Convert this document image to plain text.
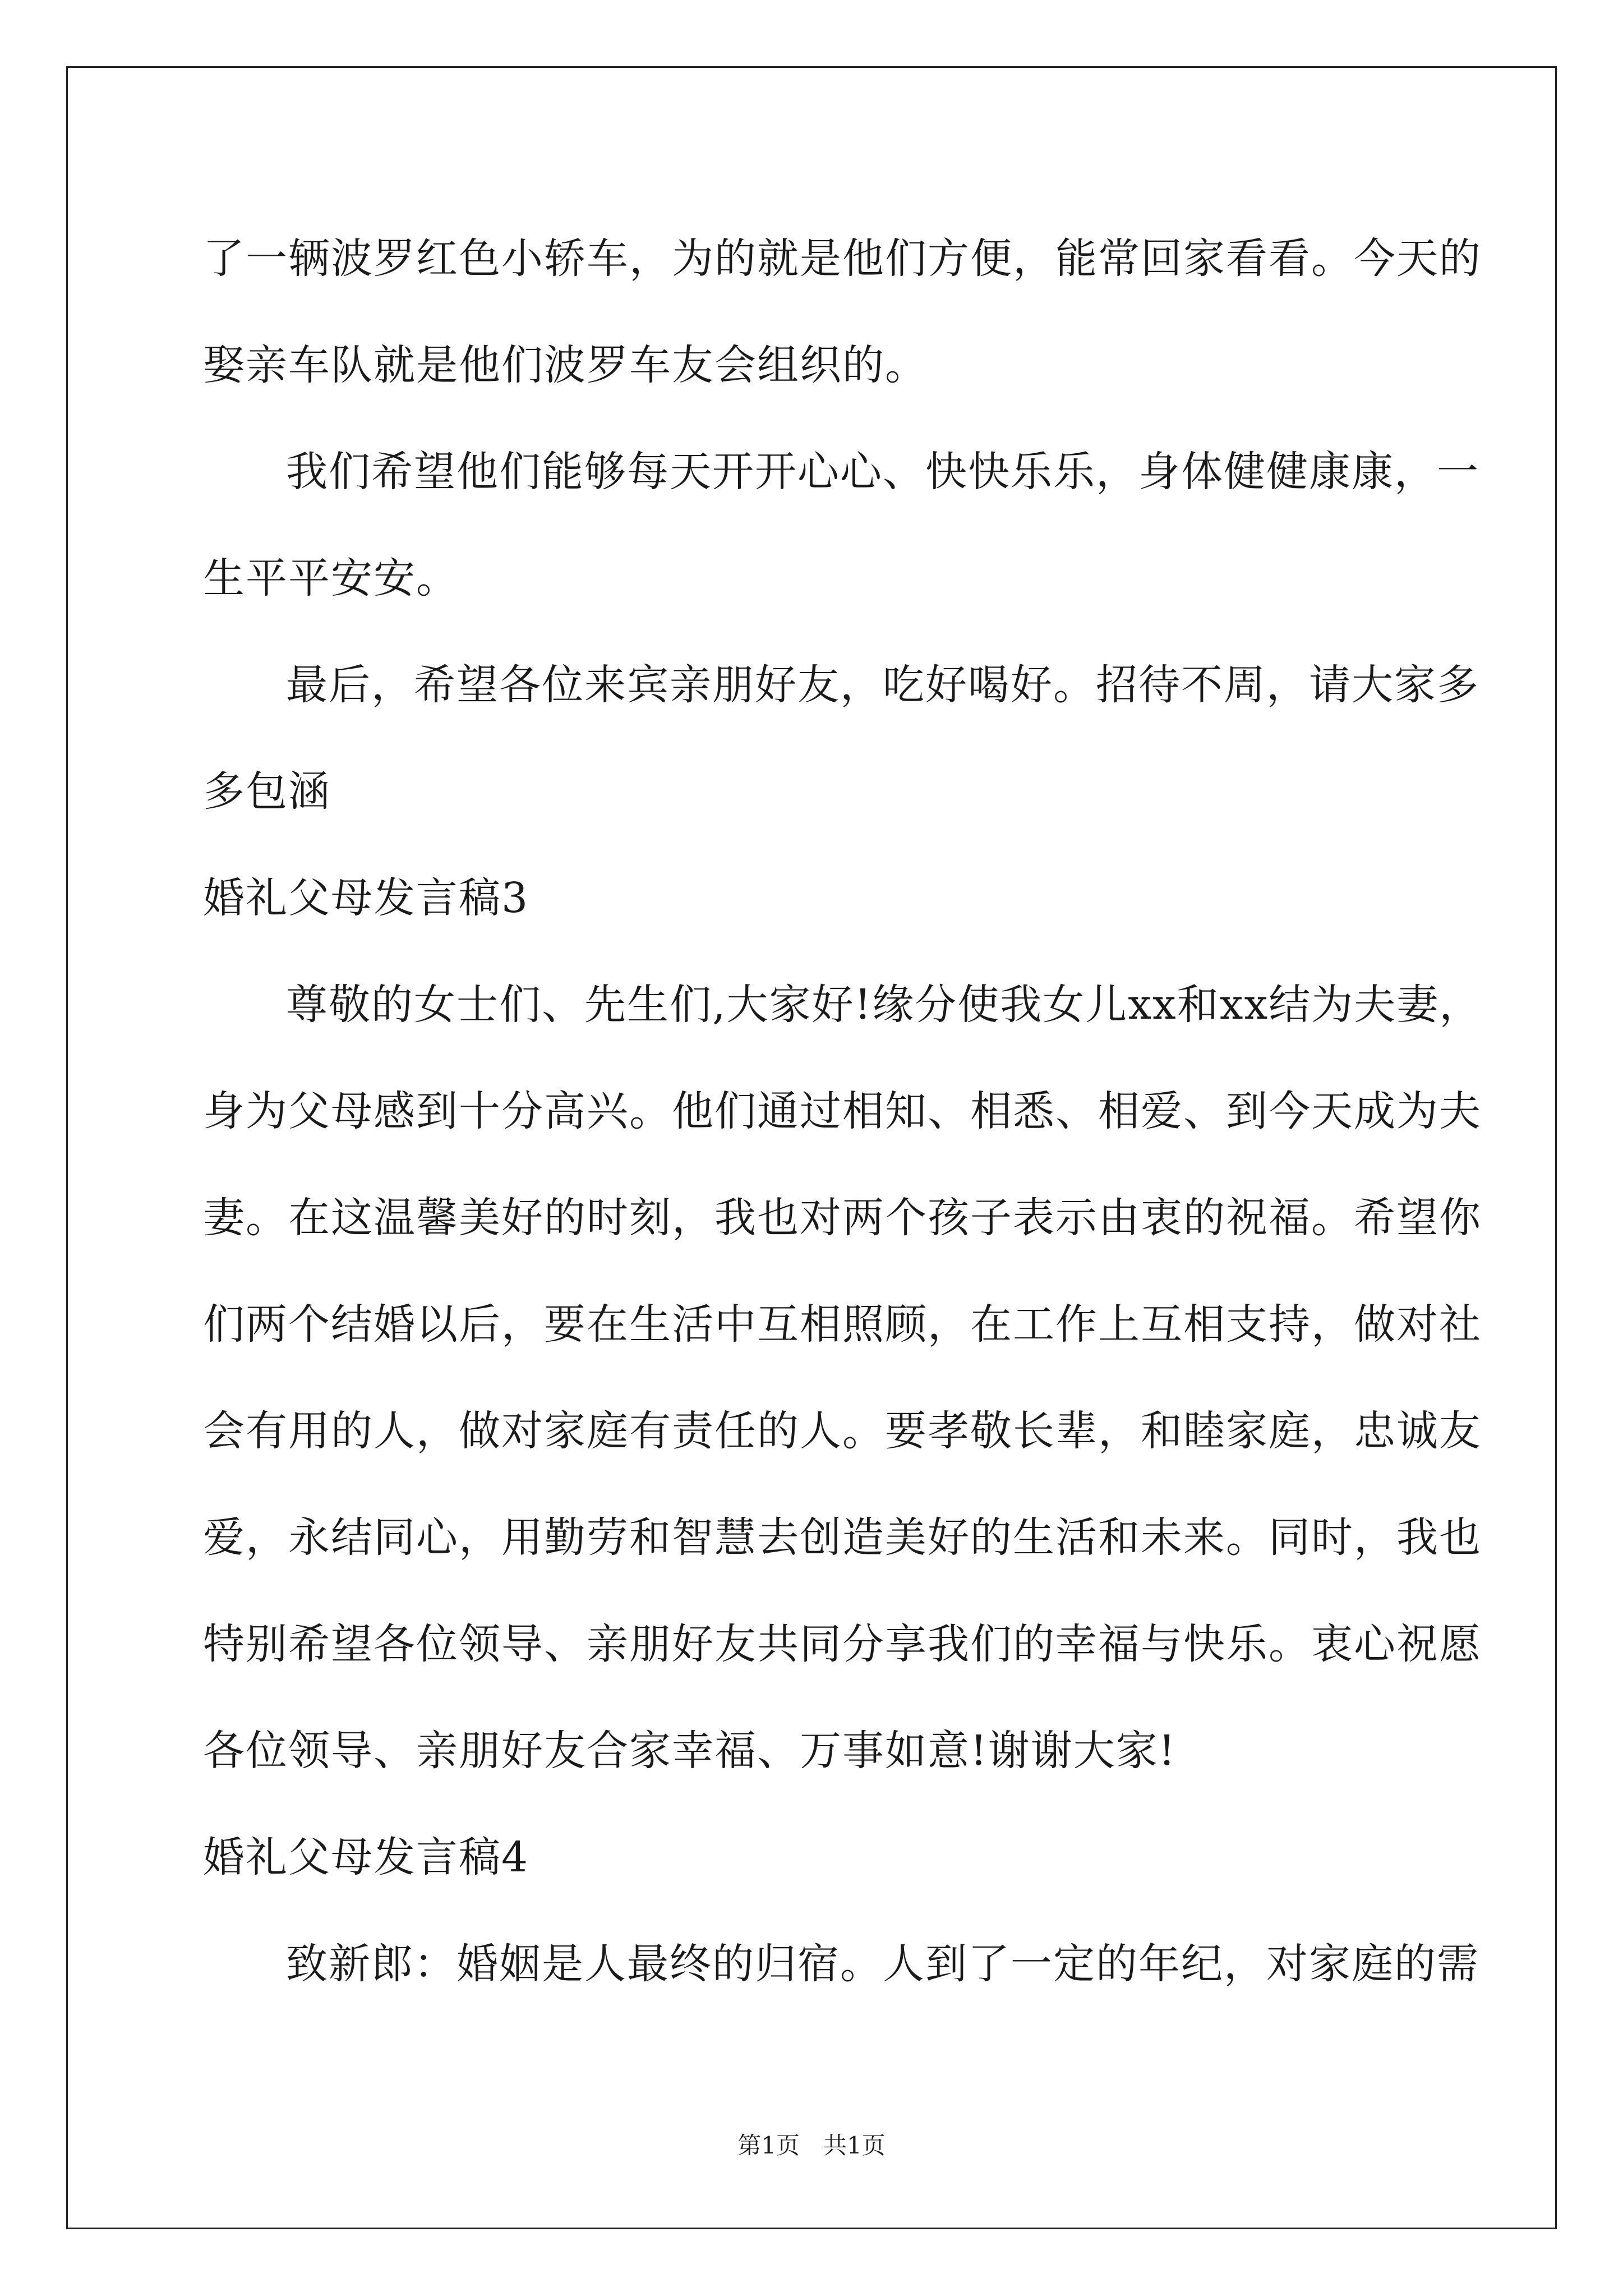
了一辆波罗红色小轿车，为的就是他们方便，能常回家看看。今天的
娶亲车队就是他们波罗车友会组织的。
我们希望他们能够每天开开心心、快快乐乐，身体健健康康，一
生平平安安。
最后，希望各位来宾亲朋好友，吃好喝好。招待不周，请大家多
多包涵
婚礼父母发言稿3
尊敬的女士们、先生们,大家好!缘分使我女儿xx和xx结为夫妻，
身为父母感到十分高兴。他们通过相知、相悉、相爱、到今天成为夫
妻。在这温馨美好的时刻，我也对两个孩子表示由衷的祝福。希望你
们两个结婚以后，要在生活中互相照顾，在工作上互相支持，做对社
会有用的人，做对家庭有责任的人。要孝敬长辈，和睦家庭，忠诚友
爱，永结同心，用勤劳和智慧去创造美好的生活和未来。同时，我也
特别希望各位领导、亲朋好友共同分享我们的幸福与快乐。衷心祝愿
各位领导、亲朋好友合家幸福、万事如意!谢谢大家!
婚礼父母发言稿4
致新郎：婚姻是人最终的归宿。人到了一定的年纪，对家庭的需
第1页　共1页
